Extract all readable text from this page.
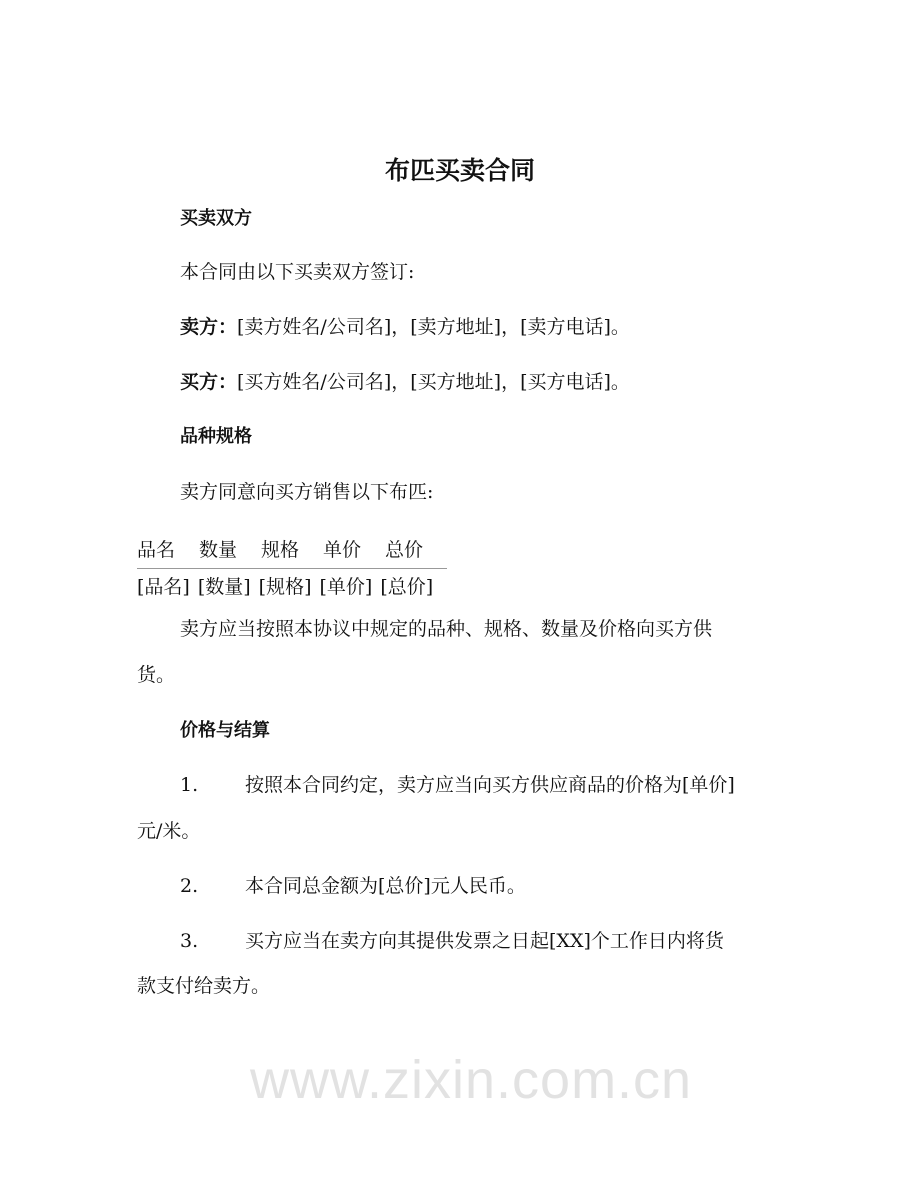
www.zixin.com.cn
布匹买卖合同
买卖双方
本合同由以下买卖双方签订:
卖方：[卖方姓名/公司名]，[卖方地址]，[卖方电话]。
买方：[买方姓名/公司名]，[买方地址]，[买方电话]。
品种规格
卖方同意向买方销售以下布匹:
品名	数量	规格	单价	总价
[品名] [数量] [规格] [单价] [总价]
卖方应当按照本协议中规定的品种、规格、数量及价格向买方供
货。
价格与结算
1. 按照本合同约定，卖方应当向买方供应商品的价格为[单价]
元/米。
2. 本合同总金额为[总价]元人民币。
3. 买方应当在卖方向其提供发票之日起[XX]个工作日内将货
款支付给卖方。
